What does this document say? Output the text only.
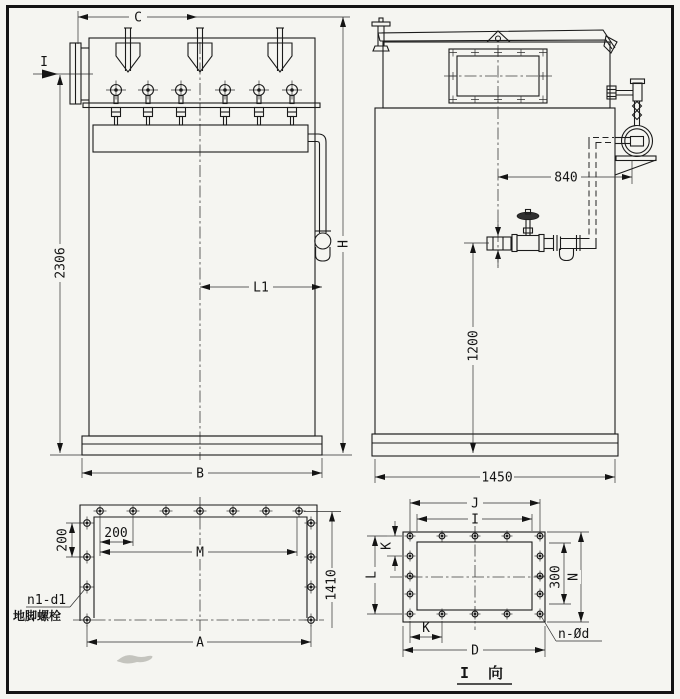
C
I
2306
H
L1
B
840
1200
1450
200	200
M
1410
A
n1-d1
地脚螺栓
J
I
K
L	300 N
K
D
n-Ød
I 向
